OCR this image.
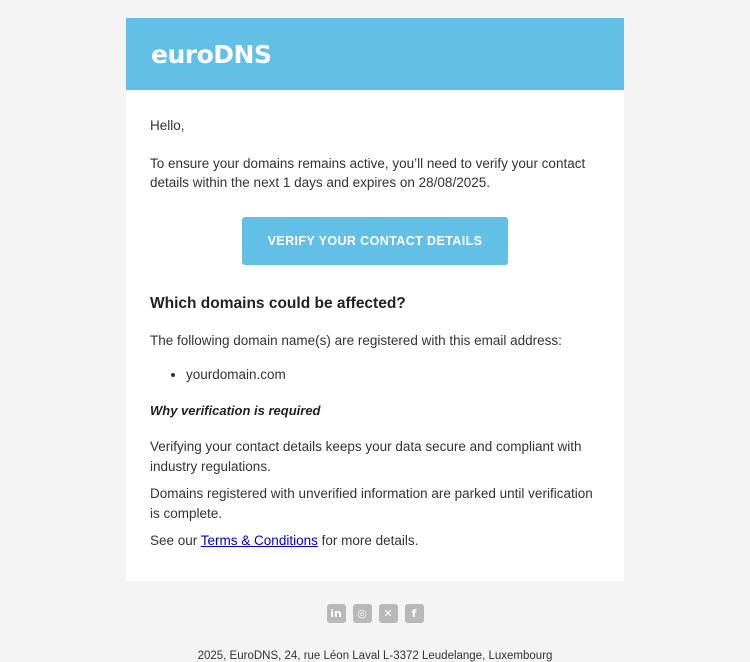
euroDNS

Hello,

To ensure your domains remains active, you’ll need to verify your contact details within the next 1 days and expires on 28/08/2025.

VERIFY YOUR CONTACT DETAILS
Which domains could be affected?

The following domain name(s) are registered with this email address:

• yourdomain.com

Why verification is required

Verifying your contact details keeps your data secure and compliant with industry regulations.

Domains registered with unverified information are parked until verification is complete.

See our Terms & Conditions for more details.

in	◎	✕	f
2025, EuroDNS, 24, rue Léon Laval L-3372 Leudelange, Luxembourg
